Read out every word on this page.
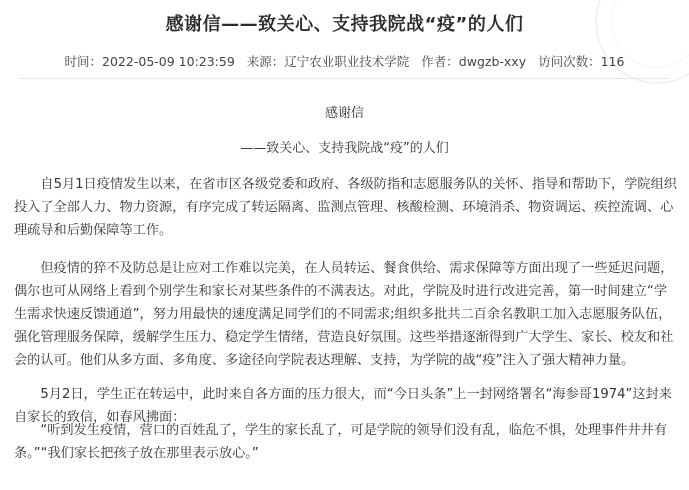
感谢信——致关心、支持我院战“疫”的人们
时间：2022-05-09 10:23:59 来源：辽宁农业职业技术学院 作者：dwgzb-xxy 访问次数：116
感谢信
——致关心、支持我院战“疫”的人们

自5月1日疫情发生以来，在省市区各级党委和政府、各级防指和志愿服务队的关怀、指导和帮助下，学院组织投入了全部人力、物力资源，有序完成了转运隔离、监测点管理、核酸检测、环境消杀、物资调运、疾控流调、心理疏导和后勤保障等工作。

但疫情的猝不及防总是让应对工作难以完美，在人员转运、餐食供给、需求保障等方面出现了一些延迟问题，偶尔也可从网络上看到个别学生和家长对某些条件的不满表达。对此，学院及时进行改进完善，第一时间建立“学生需求快速反馈通道”，努力用最快的速度满足同学们的不同需求;组织多批共二百余名教职工加入志愿服务队伍，强化管理服务保障，缓解学生压力、稳定学生情绪，营造良好氛围。这些举措逐渐得到广大学生、家长、校友和社会的认可。他们从多方面、多角度、多途径向学院表达理解、支持，为学院的战“疫”注入了强大精神力量。

5月2日，学生正在转运中，此时来自各方面的压力很大，而“今日头条”上一封网络署名“海参哥1974”这封来自家长的致信，如春风拂面：

“听到发生疫情，营口的百姓乱了，学生的家长乱了，可是学院的领导们没有乱，临危不惧，处理事件井井有条。”“我们家长把孩子放在那里表示放心。”
